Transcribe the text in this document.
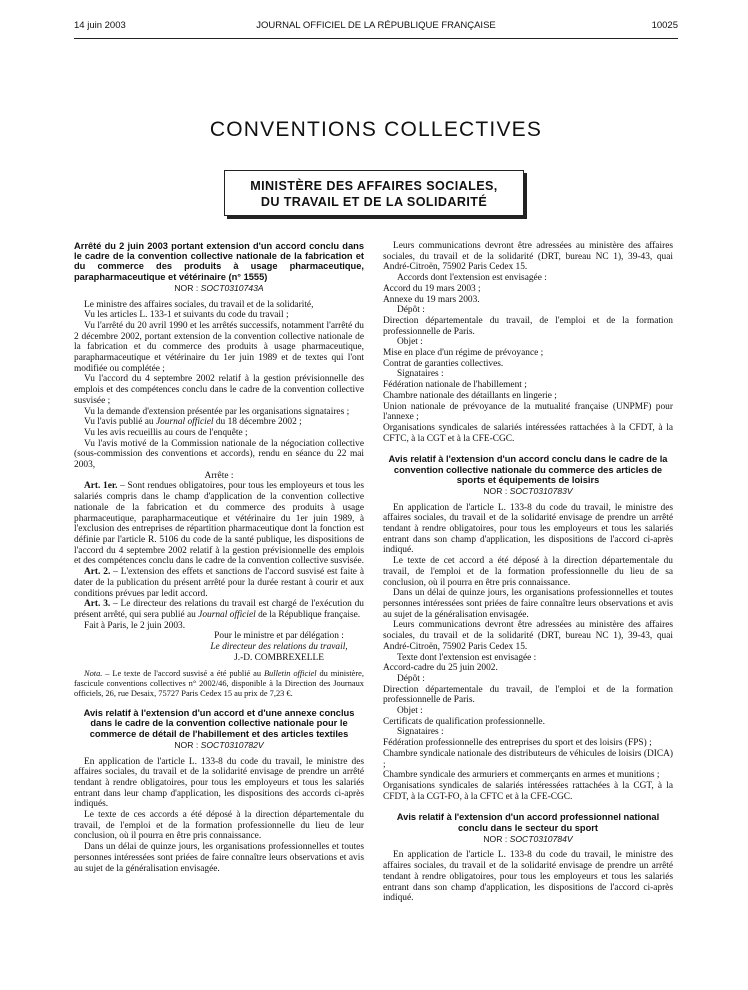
14 juin 2003	JOURNAL OFFICIEL DE LA RÉPUBLIQUE FRANÇAISE	10025
CONVENTIONS COLLECTIVES
MINISTÈRE DES AFFAIRES SOCIALES,
DU TRAVAIL ET DE LA SOLIDARITÉ

Arrêté du 2 juin 2003 portant extension d'un accord conclu dans le cadre de la convention collective nationale de la fabrication et du commerce des produits à usage pharmaceutique, parapharmaceutique et vétérinaire (n° 1555)

NOR : SOCT0310743A

Le ministre des affaires sociales, du travail et de la solidarité,

Vu les articles L. 133-1 et suivants du code du travail ;

Vu l'arrêté du 20 avril 1990 et les arrêtés successifs, notamment l'arrêté du 2 décembre 2002, portant extension de la convention collective nationale de la fabrication et du commerce des produits à usage pharmaceutique, parapharmaceutique et vétérinaire du 1er juin 1989 et de textes qui l'ont modifiée ou complétée ;

Vu l'accord du 4 septembre 2002 relatif à la gestion prévisionnelle des emplois et des compétences conclu dans le cadre de la convention collective susvisée ;

Vu la demande d'extension présentée par les organisations signataires ;

Vu l'avis publié au Journal officiel du 18 décembre 2002 ;

Vu les avis recueillis au cours de l'enquête ;

Vu l'avis motivé de la Commission nationale de la négociation collective (sous-commission des conventions et accords), rendu en séance du 22 mai 2003,

Arrête :

Art. 1er. – Sont rendues obligatoires, pour tous les employeurs et tous les salariés compris dans le champ d'application de la convention collective nationale de la fabrication et du commerce des produits à usage pharmaceutique, parapharmaceutique et vétérinaire du 1er juin 1989, à l'exclusion des entreprises de répartition pharmaceutique dont la fonction est définie par l'article R. 5106 du code de la santé publique, les dispositions de l'accord du 4 septembre 2002 relatif à la gestion prévisionnelle des emplois et des compétences conclu dans le cadre de la convention collective susvisée.

Art. 2. – L'extension des effets et sanctions de l'accord susvisé est faite à dater de la publication du présent arrêté pour la durée restant à courir et aux conditions prévues par ledit accord.

Art. 3. – Le directeur des relations du travail est chargé de l'exécution du présent arrêté, qui sera publié au Journal officiel de la République française.

Fait à Paris, le 2 juin 2003.

Pour le ministre et par délégation :

Le directeur des relations du travail,

J.-D. COMBREXELLE

Nota. – Le texte de l'accord susvisé a été publié au Bulletin officiel du ministère, fascicule conventions collectives n° 2002/46, disponible à la Direction des Journaux officiels, 26, rue Desaix, 75727 Paris Cedex 15 au prix de 7,23 €.

Avis relatif à l'extension d'un accord et d'une annexe conclus dans le cadre de la convention collective nationale pour le commerce de détail de l'habillement et des articles textiles

NOR : SOCT0310782V

En application de l'article L. 133-8 du code du travail, le ministre des affaires sociales, du travail et de la solidarité envisage de prendre un arrêté tendant à rendre obligatoires, pour tous les employeurs et tous les salariés entrant dans leur champ d'application, les dispositions des accords ci-après indiqués.

Le texte de ces accords a été déposé à la direction départementale du travail, de l'emploi et de la formation professionnelle du lieu de leur conclusion, où il pourra en être pris connaissance.

Dans un délai de quinze jours, les organisations professionnelles et toutes personnes intéressées sont priées de faire connaître leurs observations et avis au sujet de la généralisation envisagée.

Leurs communications devront être adressées au ministère des affaires sociales, du travail et de la solidarité (DRT, bureau NC 1), 39-43, quai André-Citroën, 75902 Paris Cedex 15.

Accords dont l'extension est envisagée :

Accord du 19 mars 2003 ;

Annexe du 19 mars 2003.

Dépôt :

Direction départementale du travail, de l'emploi et de la formation professionnelle de Paris.

Objet :

Mise en place d'un régime de prévoyance ;

Contrat de garanties collectives.

Signataires :

Fédération nationale de l'habillement ;

Chambre nationale des détaillants en lingerie ;

Union nationale de prévoyance de la mutualité française (UNPMF) pour l'annexe ;

Organisations syndicales de salariés intéressées rattachées à la CFDT, à la CFTC, à la CGT et à la CFE-CGC.

Avis relatif à l'extension d'un accord conclu dans le cadre de la convention collective nationale du commerce des articles de sports et équipements de loisirs

NOR : SOCT0310783V

En application de l'article L. 133-8 du code du travail, le ministre des affaires sociales, du travail et de la solidarité envisage de prendre un arrêté tendant à rendre obligatoires, pour tous les employeurs et tous les salariés entrant dans son champ d'application, les dispositions de l'accord ci-après indiqué.

Le texte de cet accord a été déposé à la direction départementale du travail, de l'emploi et de la formation professionnelle du lieu de sa conclusion, où il pourra en être pris connaissance.

Dans un délai de quinze jours, les organisations professionnelles et toutes personnes intéressées sont priées de faire connaître leurs observations et avis au sujet de la généralisation envisagée.

Leurs communications devront être adressées au ministère des affaires sociales, du travail et de la solidarité (DRT, bureau NC 1), 39-43, quai André-Citroën, 75902 Paris Cedex 15.

Texte dont l'extension est envisagée :

Accord-cadre du 25 juin 2002.

Dépôt :

Direction départementale du travail, de l'emploi et de la formation professionnelle de Paris.

Objet :

Certificats de qualification professionnelle.

Signataires :

Fédération professionnelle des entreprises du sport et des loisirs (FPS) ;

Chambre syndicale nationale des distributeurs de véhicules de loisirs (DICA) ;

Chambre syndicale des armuriers et commerçants en armes et munitions ;

Organisations syndicales de salariés intéressées rattachées à la CGT, à la CFDT, à la CGT-FO, à la CFTC et à la CFE-CGC.

Avis relatif à l'extension d'un accord professionnel national conclu dans le secteur du sport

NOR : SOCT0310784V

En application de l'article L. 133-8 du code du travail, le ministre des affaires sociales, du travail et de la solidarité envisage de prendre un arrêté tendant à rendre obligatoires, pour tous les employeurs et tous les salariés entrant dans son champ d'application, les dispositions de l'accord ci-après indiqué.
